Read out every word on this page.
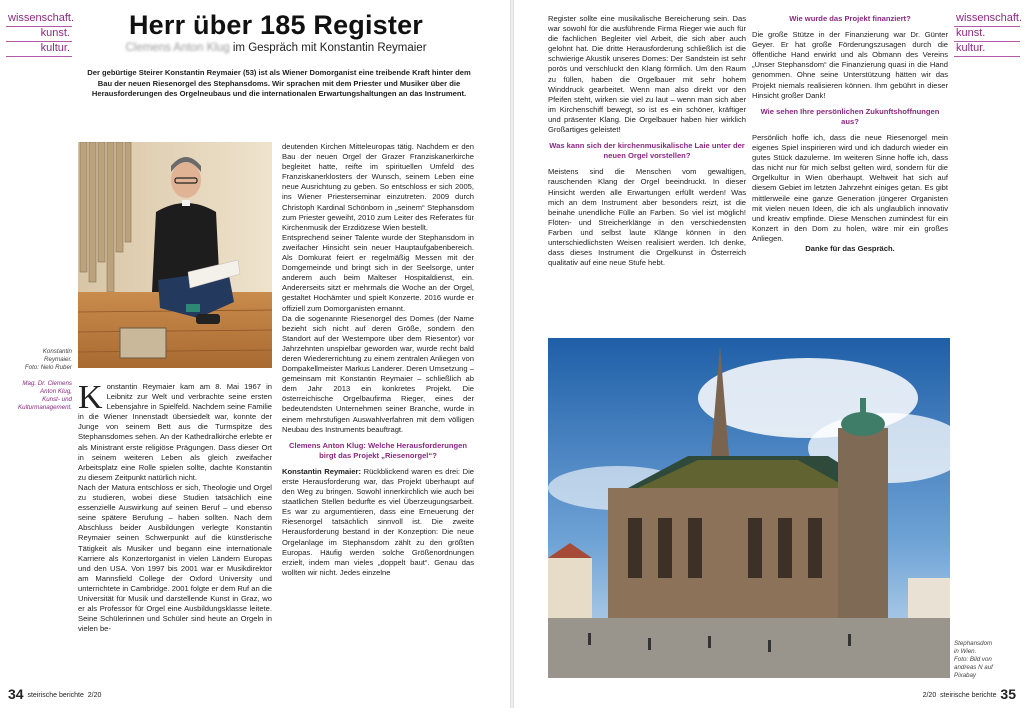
wissenschaft.
kunst.
kultur.
Herr über 185 Register
Clemens Anton Klug im Gespräch mit Konstantin Reymaier
Der gebürtige Steirer Konstantin Reymaier (53) ist als Wiener Domorganist eine treibende Kraft hinter dem Bau der neuen Riesenorgel des Stephansdoms. Wir sprachen mit dem Priester und Musiker über die Herausforderungen des Orgelneubaus und die internationalen Erwartungshaltungen an das Instrument.
Konstantin
Reymaier.
Foto: Nelo Ruber
Mag. Dr. Clemens
Anton Klug,
Kunst- und
Kulturmanagement. K onstantin Reymaier kam am 8. Mai 1967 in Leibnitz zur Welt und verbrachte seine ersten Lebensjahre in Spielfeld. Nachdem seine Familie in die Wiener Innenstadt übersiedelt war, konnte der Junge von seinem Bett aus die Turmspitze des Stephansdomes sehen. An der Kathedralkirche erlebte er als Ministrant erste religiöse Prägungen. Dass dieser Ort in seinem weiteren Leben als gleich zweifacher Arbeitsplatz eine Rolle spielen sollte, dachte Konstantin zu diesem Zeitpunkt natürlich nicht.

Nach der Matura entschloss er sich, Theologie und Orgel zu studieren, wobei diese Studien tatsächlich eine essenzielle Auswirkung auf seinen Beruf – und ebenso seine spätere Berufung – haben sollten. Nach dem Abschluss beider Ausbildungen verlegte Konstantin Reymaier seinen Schwerpunkt auf die künstlerische Tätigkeit als Musiker und begann eine internationale Karriere als Konzertorganist in vielen Ländern Europas und den USA. Von 1997 bis 2001 war er Musikdirektor am Mannsfield College der Oxford University und unterrichtete in Cambridge. 2001 folgte er dem Ruf an die Universität für Musik und darstellende Kunst in Graz, wo er als Professor für Orgel eine Ausbildungsklasse leitete. Seine Schülerinnen und Schüler sind heute an Orgeln in vielen be-

deutenden Kirchen Mitteleuropas tätig. Nachdem er den Bau der neuen Orgel der Grazer Franziskanerkirche begleitet hatte, reifte im spirituellen Umfeld des Franziskanerklosters der Wunsch, seinem Leben eine neue Ausrichtung zu geben. So entschloss er sich 2005, ins Wiener Priesterseminar einzutreten. 2009 durch Christoph Kardinal Schönborn in „seinem“ Stephansdom zum Priester geweiht, 2010 zum Leiter des Referates für Kirchenmusik der Erzdiözese Wien bestellt.

Entsprechend seiner Talente wurde der Stephansdom in zweifacher Hinsicht sein neuer Hauptaufgabenbereich. Als Domkurat feiert er regelmäßig Messen mit der Domgemeinde und bringt sich in der Seelsorge, unter anderem auch beim Malteser Hospitaldienst, ein. Andererseits sitzt er mehrmals die Woche an der Orgel, gestaltet Hochämter und spielt Konzerte. 2016 wurde er offiziell zum Domorganisten ernannt.

Da die sogenannte Riesenorgel des Domes (der Name bezieht sich nicht auf deren Größe, sondern den Standort auf der Westempore über dem Riesentor) vor Jahrzehnten unspielbar geworden war, wurde recht bald deren Wiedererrichtung zu einem zentralen Anliegen von Dompakellmeister Markus Landerer. Deren Umsetzung – gemeinsam mit Konstantin Reymaier – schließlich ab dem Jahr 2013 ein konkretes Projekt. Die österreichische Orgelbaufirma Rieger, eines der bedeutendsten Unternehmen seiner Branche, wurde in einem mehrstufigen Auswahlverfahren mit dem völligen Neubau des Instruments beauftragt.

Clemens Anton Klug: Welche Herausforderungen birgt das Projekt „Riesenorgel“?

Konstantin Reymaier: Rückblickend waren es drei: Die erste Herausforderung war, das Projekt überhaupt auf den Weg zu bringen. Sowohl innerkirchlich wie auch bei staatlichen Stellen bedurfte es viel Überzeugungsarbeit. Es war zu argumentieren, dass eine Erneuerung der Riesenorgel tatsächlich sinnvoll ist. Die zweite Herausforderung bestand in der Konzeption: Die neue Orgelanlage im Stephansdom zählt zu den größten Europas. Häufig werden solche Größenordnungen erzielt, indem man vieles „doppelt baut“. Genau das wollten wir nicht. Jedes einzelne

34 steirische berichte 2/20
wissenschaft.
kunst.
kultur.

Register sollte eine musikalische Bereicherung sein. Das war sowohl für die ausführende Firma Rieger wie auch für die fachlichen Begleiter viel Arbeit, die sich aber auch gelohnt hat. Die dritte Herausforderung schließlich ist die schwierige Akustik unseres Domes: Der Sandstein ist sehr porös und verschluckt den Klang förmlich. Um den Raum zu füllen, haben die Orgelbauer mit sehr hohem Winddruck gearbeitet. Wenn man also direkt vor den Pfeifen steht, wirken sie viel zu laut – wenn man sich aber im Kirchenschiff bewegt, so ist es ein schöner, kräftiger und präsenter Klang. Die Orgelbauer haben hier wirklich Großartiges geleistet!

Was kann sich der kirchenmusikalische Laie unter der neuen Orgel vorstellen?

Meistens sind die Menschen vom gewaltigen, rauschenden Klang der Orgel beeindruckt. In dieser Hinsicht werden alle Erwartungen erfüllt werden! Was mich an dem Instrument aber besonders reizt, ist die beinahe unendliche Fülle an Farben. So viel ist möglich! Flöten- und Streicherklänge in den verschiedensten Farben und selbst laute Klänge können in den unterschiedlichsten Weisen realisiert werden. Ich denke, dass dieses Instrument die Orgelkunst in Österreich qualitativ auf eine neue Stufe hebt.

Wie wurde das Projekt finanziert?

Die große Stütze in der Finanzierung war Dr. Günter Geyer. Er hat große Förderungszusagen durch die öffentliche Hand erwirkt und als Obmann des Vereins „Unser Stephansdom“ die Finanzierung quasi in die Hand genommen. Ohne seine Unterstützung hätten wir das Projekt niemals realisieren können. Ihm gebührt in dieser Hinsicht großer Dank!

Wie sehen Ihre persönlichen Zukunftshoffnungen aus?

Persönlich hoffe ich, dass die neue Riesenorgel mein eigenes Spiel inspirieren wird und ich dadurch wieder ein gutes Stück dazulerne. Im weiteren Sinne hoffe ich, dass das nicht nur für mich selbst gelten wird, sondern für die Orgelkultur in Wien überhaupt. Weltweit hat sich auf diesem Gebiet im letzten Jahrzehnt einiges getan. Es gibt mittlerweile eine ganze Generation jüngerer Organisten mit vielen neuen Ideen, die ich als unglaublich innovativ und kreativ empfinde. Diese Menschen zumindest für ein Konzert in den Dom zu holen, wäre mir ein großes Anliegen.

Danke für das Gespräch.

Stephansdom
in Wien.
Foto: Bild von
andreas N auf
Pixabay
2/20 steirische berichte 35
